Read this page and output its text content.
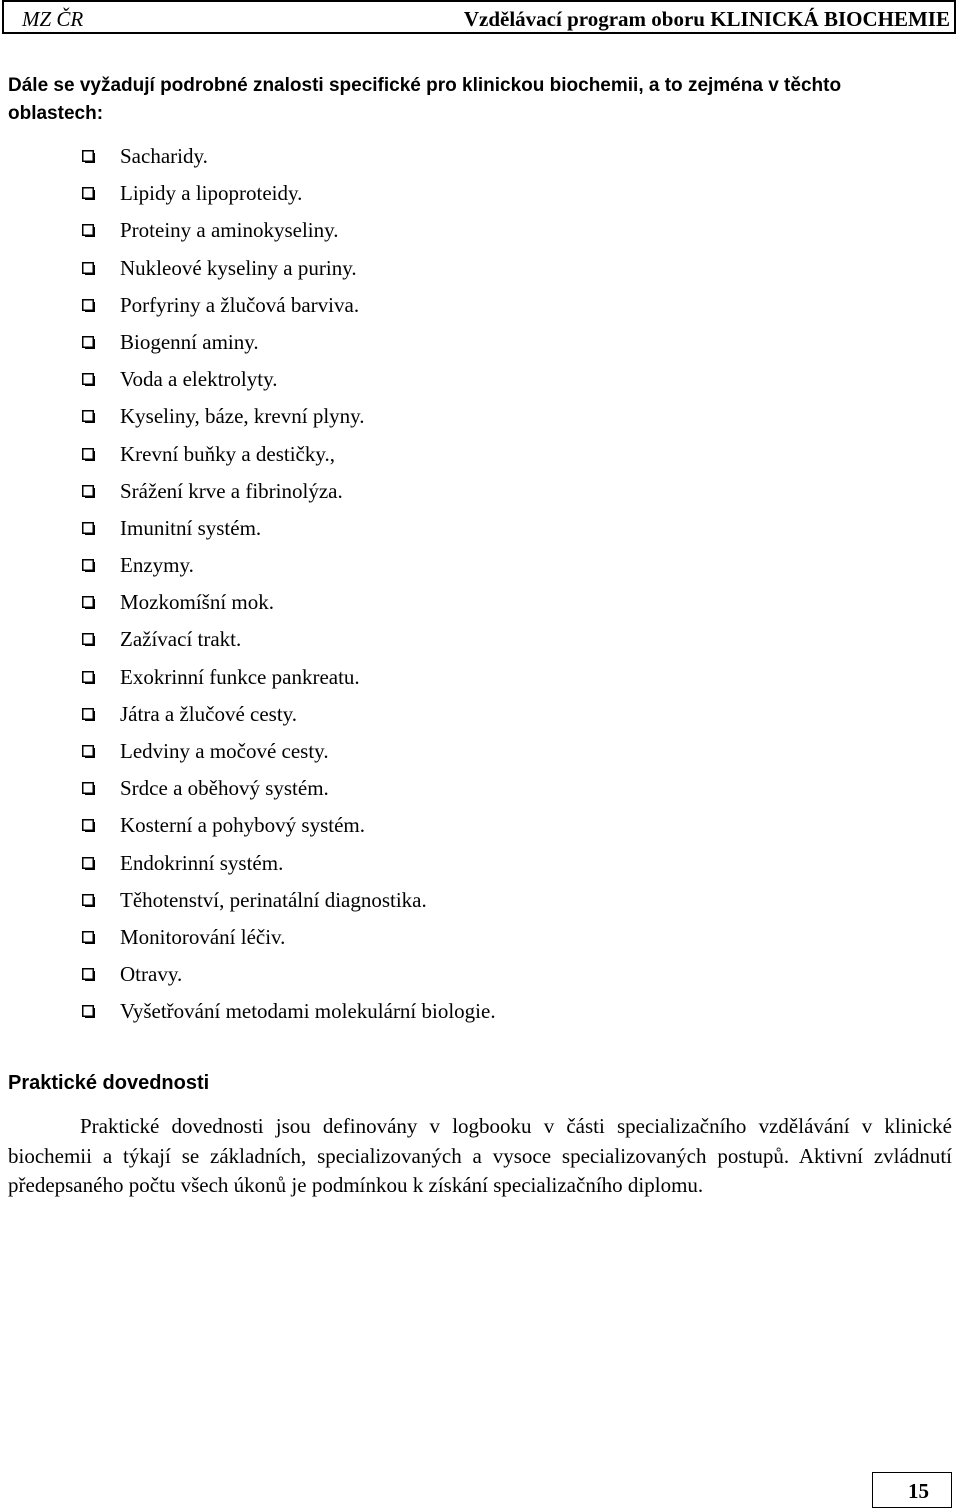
MZ ČR	Vzdělávací program oboru KLINICKÁ BIOCHEMIE
Dále se vyžadují podrobné znalosti specifické pro klinickou biochemii, a to zejména v těchto oblastech:
Sacharidy.
Lipidy a lipoproteidy.
Proteiny a aminokyseliny.
Nukleové kyseliny a puriny.
Porfyriny a žlučová barviva.
Biogenní aminy.
Voda a elektrolyty.
Kyseliny, báze, krevní plyny.
Krevní buňky a destičky.,
Srážení krve a fibrinolýza.
Imunitní systém.
Enzymy.
Mozkomíšní mok.
Zažívací trakt.
Exokrinní funkce pankreatu.
Játra a žlučové cesty.
Ledviny a močové cesty.
Srdce a oběhový systém.
Kosterní a pohybový systém.
Endokrinní systém.
Těhotenství, perinatální diagnostika.
Monitorování léčiv.
Otravy.
Vyšetřování metodami molekulární biologie.
Praktické dovednosti

Praktické dovednosti jsou definovány v logbooku v části specializačního vzdělávání v klinické biochemii a týkají se základních, specializovaných a vysoce specializovaných postupů. Aktivní zvládnutí předepsaného počtu všech úkonů je podmínkou k získání specializačního diplomu.

15
